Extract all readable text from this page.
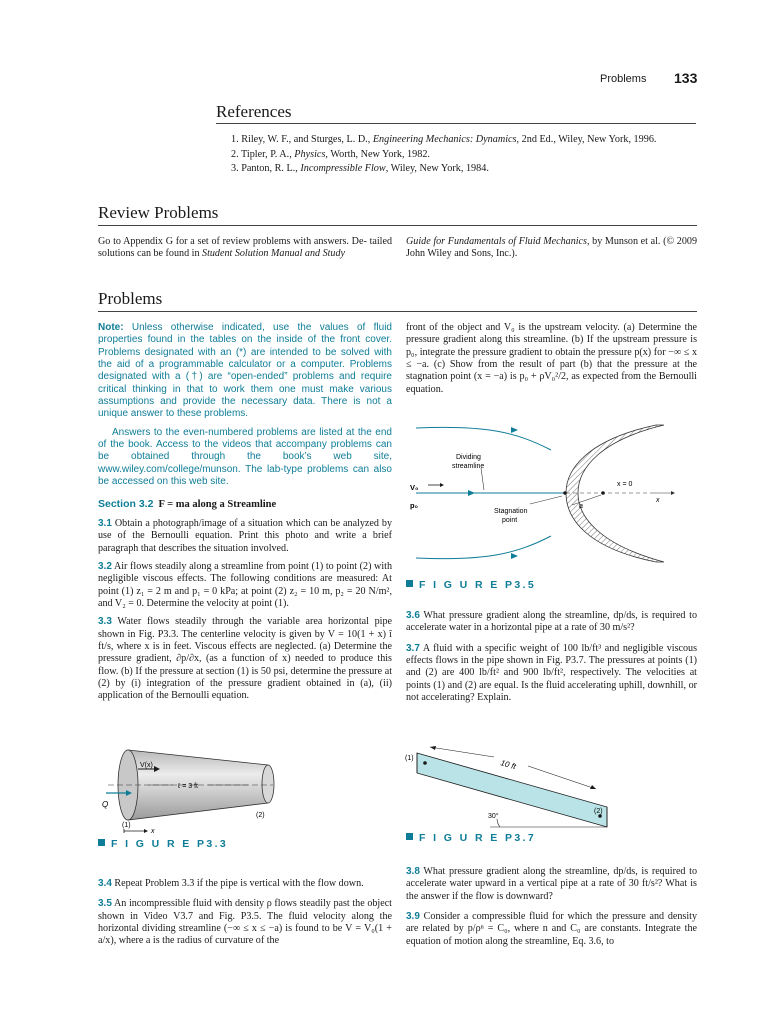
Problems 133
References
1. Riley, W. F., and Sturges, L. D., Engineering Mechanics: Dynamics, 2nd Ed., Wiley, New York, 1996.
2. Tipler, P. A., Physics, Worth, New York, 1982.
3. Panton, R. L., Incompressible Flow, Wiley, New York, 1984.
Review Problems
Go to Appendix G for a set of review problems with answers. De- tailed solutions can be found in Student Solution Manual and Study
Guide for Fundamentals of Fluid Mechanics, by Munson et al. (© 2009 John Wiley and Sons, Inc.).
Problems

Note: Unless otherwise indicated, use the values of fluid properties found in the tables on the inside of the front cover. Problems designated with an (*) are intended to be solved with the aid of a programmable calculator or a computer. Problems designated with a (†) are “open-ended” problems and require critical thinking in that to work them one must make various assumptions and provide the necessary data. There is not a unique answer to these problems.

Answers to the even-numbered problems are listed at the end of the book. Access to the videos that accompany problems can be obtained through the book’s web site, www.wiley.com/college/munson. The lab-type problems can also be accessed on this web site.

Section 3.2 F = ma along a Streamline

3.1 Obtain a photograph/image of a situation which can be analyzed by use of the Bernoulli equation. Print this photo and write a brief paragraph that describes the situation involved.

3.2 Air flows steadily along a streamline from point (1) to point (2) with negligible viscous effects. The following conditions are measured: At point (1) z₁ = 2 m and p₁ = 0 kPa; at point (2) z₂ = 10 m, p₂ = 20 N/m², and V₂ = 0. Determine the velocity at point (1).

3.3 Water flows steadily through the variable area horizontal pipe shown in Fig. P3.3. The centerline velocity is given by V = 10(1 + x) î ft/s, where x is in feet. Viscous effects are neglected. (a) Determine the pressure gradient, ∂p/∂x, (as a function of x) needed to produce this flow. (b) If the pressure at section (1) is 50 psi, determine the pressure at (2) by (i) integration of the pressure gradient obtained in (a), (ii) application of the Bernoulli equation.

Q
V(x)
ℓ = 3 ft
(1)
(2)
x
F I G U R E P3.3

3.4 Repeat Problem 3.3 if the pipe is vertical with the flow down.

3.5 An incompressible fluid with density ρ flows steadily past the object shown in Video V3.7 and Fig. P3.5. The fluid velocity along the horizontal dividing streamline (−∞ ≤ x ≤ −a) is found to be V = V₀(1 + a/x), where a is the radius of curvature of the

front of the object and V₀ is the upstream velocity. (a) Determine the pressure gradient along this streamline. (b) If the upstream pressure is p₀, integrate the pressure gradient to obtain the pressure p(x) for −∞ ≤ x ≤ −a. (c) Show from the result of part (b) that the pressure at the stagnation point (x = −a) is p₀ + ρV₀²/2, as expected from the Bernoulli equation.
Dividing
streamline
V₀
p₀
Stagnation
point
a
x = 0
x
F I G U R E P3.5

3.6 What pressure gradient along the streamline, dp/ds, is required to accelerate water in a horizontal pipe at a rate of 30 m/s²?

3.7 A fluid with a specific weight of 100 lb/ft³ and negligible viscous effects flows in the pipe shown in Fig. P3.7. The pressures at points (1) and (2) are 400 lb/ft² and 900 lb/ft², respectively. The velocities at points (1) and (2) are equal. Is the fluid accelerating uphill, downhill, or not accelerating? Explain.

(1)
(2)
10 ft
30°
F I G U R E P3.7

3.8 What pressure gradient along the streamline, dp/ds, is required to accelerate water upward in a vertical pipe at a rate of 30 ft/s²? What is the answer if the flow is downward?

3.9 Consider a compressible fluid for which the pressure and density are related by p/ρⁿ = C₀, where n and C₀ are constants. Integrate the equation of motion along the streamline, Eq. 3.6, to
